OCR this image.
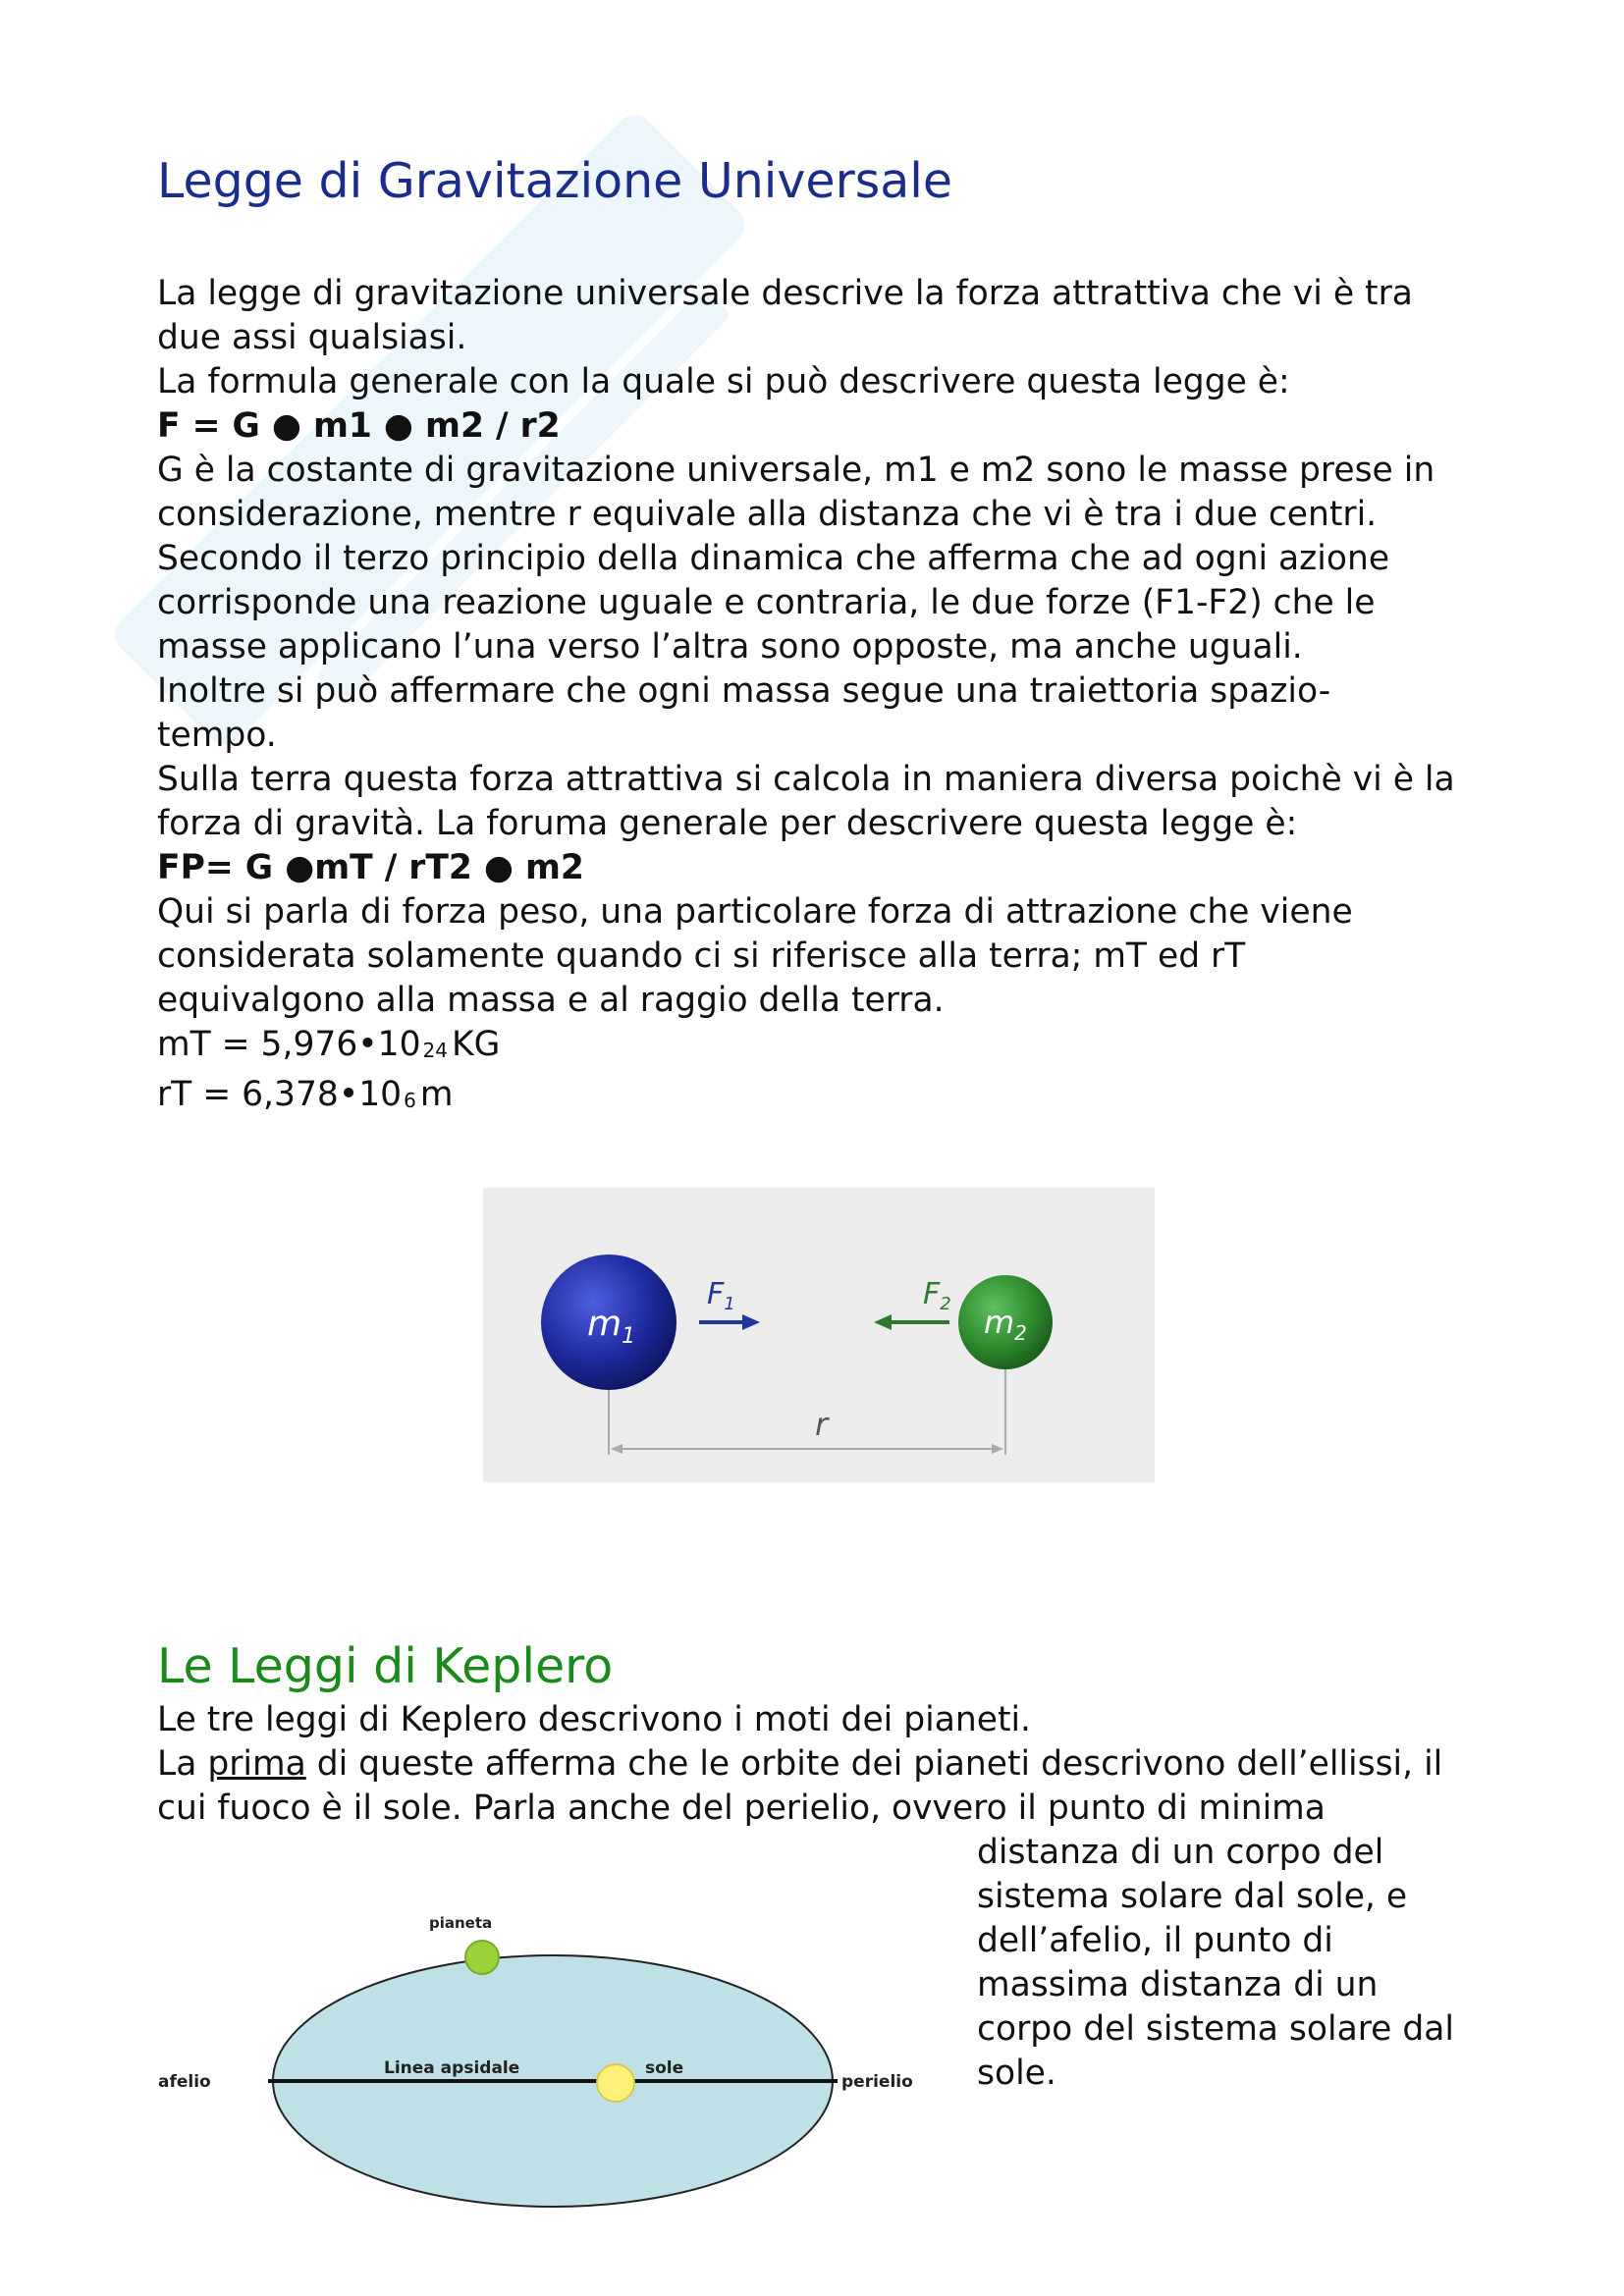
Legge di Gravitazione Universale

La legge di gravitazione universale descrive la forza attrattiva che vi è tra

due assi qualsiasi.

La formula generale con la quale si può descrivere questa legge è:

F = G ● m1 ● m2 / r2

G è la costante di gravitazione universale, m1 e m2 sono le masse prese in

considerazione, mentre r equivale alla distanza che vi è tra i due centri.

Secondo il terzo principio della dinamica che afferma che ad ogni azione

corrisponde una reazione uguale e contraria, le due forze (F1-F2) che le

masse applicano l’una verso l’altra sono opposte, ma anche uguali.

Inoltre si può affermare che ogni massa segue una traiettoria spazio-

tempo.

Sulla terra questa forza attrattiva si calcola in maniera diversa poichè vi è la

forza di gravità. La foruma generale per descrivere questa legge è:

FP= G ●mT / rT2 ● m2

Qui si parla di forza peso, una particolare forza di attrazione che viene

considerata solamente quando ci si riferisce alla terra; mT ed rT

equivalgono alla massa e al raggio della terra.

mT = 5,976•10 $_{24}$ KG

rT = 6,378•10 $_6$ m

$m_1$	$m_2$
$F_1$	$F_2$
r
Le Leggi di Keplero

Le tre leggi di Keplero descrivono i moti dei pianeti.

La prima di queste afferma che le orbite dei pianeti descrivono dell’ellissi, il

cui fuoco è il sole. Parla anche del perielio, ovvero il punto di minima

distanza di un corpo del

sistema solare dal sole, e

dell’afelio, il punto di

massima distanza di un

corpo del sistema solare dal

sole.

pianeta
afelio
Linea apsidale	sole
perielio
